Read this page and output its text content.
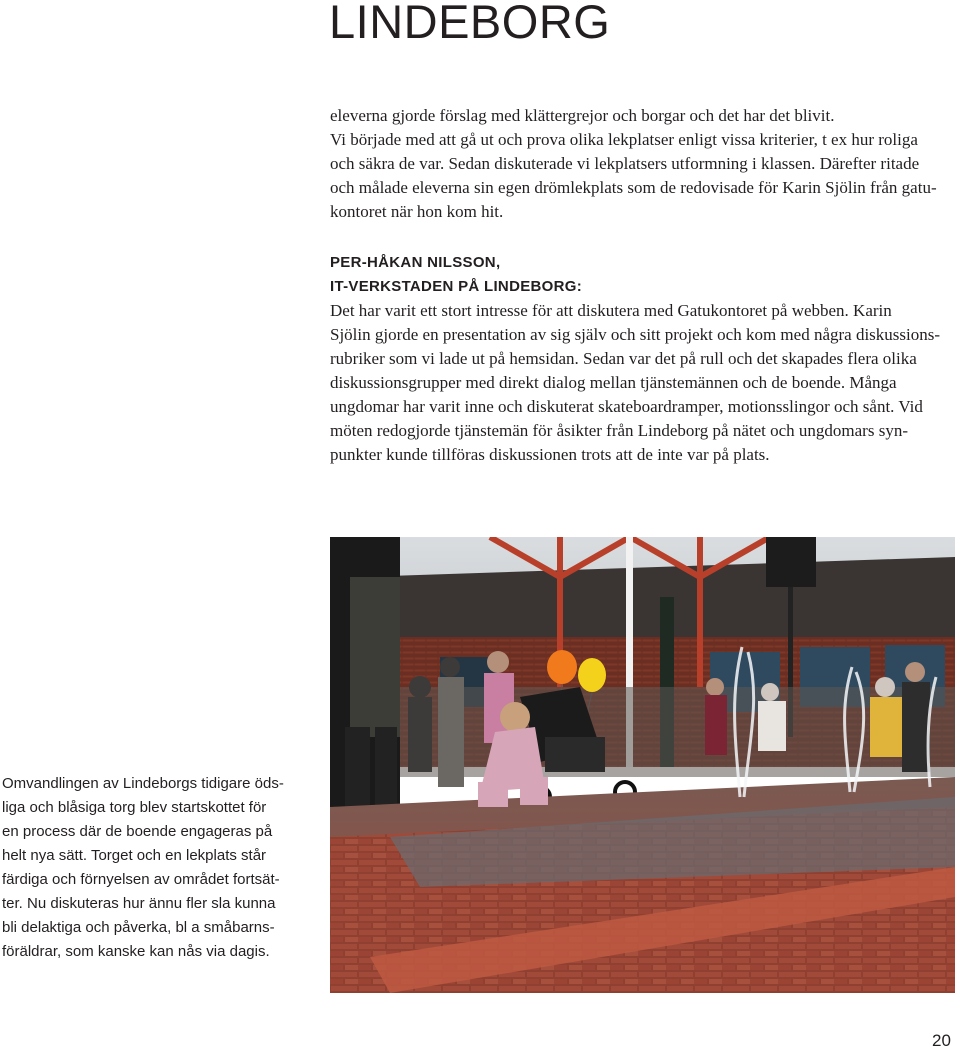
LINDEBORG

eleverna gjorde förslag med klättergrejor och borgar och det har det blivit.
Vi började med att gå ut och prova olika lekplatser enligt vissa kriterier, t ex hur roliga
och säkra de var. Sedan diskuterade vi lekplatsers utformning i klassen. Därefter ritade
och målade eleverna sin egen drömlekplats som de redovisade för Karin Sjölin från gatu-
kontoret när hon kom hit.

PER-HÅKAN NILSSON,
IT-VERKSTADEN PÅ LINDEBORG:
Det har varit ett stort intresse för att diskutera med Gatukontoret på webben. Karin
Sjölin gjorde en presentation av sig själv och sitt projekt och kom med några diskussions-
rubriker som vi lade ut på hemsidan. Sedan var det på rull och det skapades flera olika
diskussionsgrupper med direkt dialog mellan tjänstemännen och de boende. Många
ungdomar har varit inne och diskuterat skateboardramper, motionsslingor och sånt. Vid
möten redogjorde tjänstemän för åsikter från Lindeborg på nätet och ungdomars syn-
punkter kunde tillföras diskussionen trots att de inte var på plats.

Omvandlingen av Lindeborgs tidigare öds-
liga och blåsiga torg blev startskottet för
en process där de boende engageras på
helt nya sätt. Torget och en lekplats står
färdiga och förnyelsen av området fortsät-
ter. Nu diskuteras hur ännu fler sla kunna
bli delaktiga och påverka, bl a småbarns-
föräldrar, som kanske kan nås via dagis.

20
